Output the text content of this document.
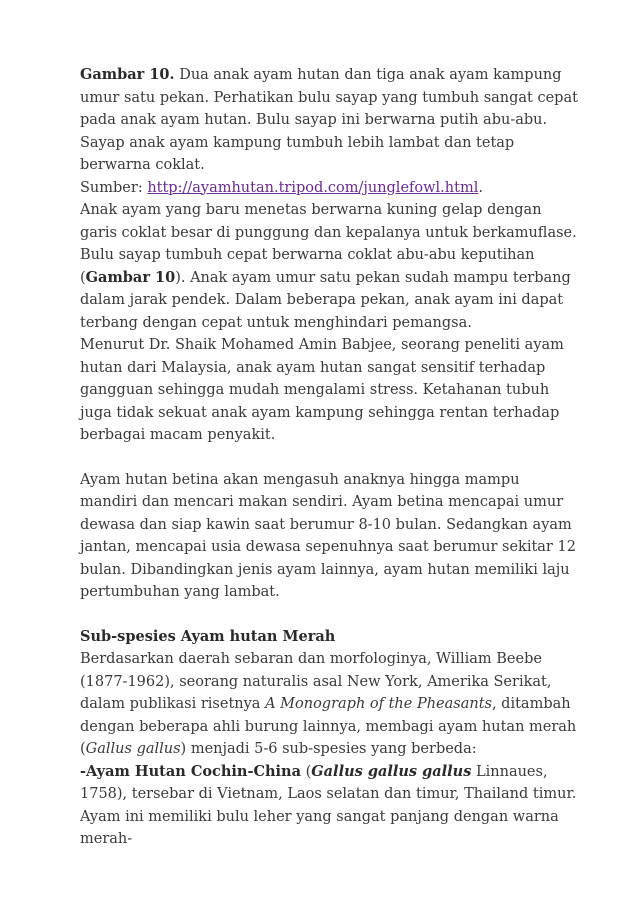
Gambar 10. Dua anak ayam hutan dan tiga anak ayam kampung umur satu pekan. Perhatikan bulu sayap yang tumbuh sangat cepat pada anak ayam hutan. Bulu sayap ini berwarna putih abu-abu. Sayap anak ayam kampung tumbuh lebih lambat dan tetap berwarna coklat.

Sumber: http://ayamhutan.tripod.com/junglefowl.html.

Anak ayam yang baru menetas berwarna kuning gelap dengan garis coklat besar di punggung dan kepalanya untuk berkamuflase. Bulu sayap tumbuh cepat berwarna coklat abu-abu keputihan (Gambar 10). Anak ayam umur satu pekan sudah mampu terbang dalam jarak pendek. Dalam beberapa pekan, anak ayam ini dapat terbang dengan cepat untuk menghindari pemangsa.

Menurut Dr. Shaik Mohamed Amin Babjee, seorang peneliti ayam hutan dari Malaysia, anak ayam hutan sangat sensitif terhadap gangguan sehingga mudah mengalami stress. Ketahanan tubuh juga tidak sekuat anak ayam kampung sehingga rentan terhadap berbagai macam penyakit.

Ayam hutan betina akan mengasuh anaknya hingga mampu mandiri dan mencari makan sendiri. Ayam betina mencapai umur dewasa dan siap kawin saat berumur 8-10 bulan. Sedangkan ayam jantan, mencapai usia dewasa sepenuhnya saat berumur sekitar 12 bulan. Dibandingkan jenis ayam lainnya, ayam hutan memiliki laju pertumbuhan yang lambat.

Sub-spesies Ayam hutan Merah

Berdasarkan daerah sebaran dan morfologinya, William Beebe (1877-1962), seorang naturalis asal New York, Amerika Serikat, dalam publikasi risetnya A Monograph of the Pheasants, ditambah dengan beberapa ahli burung lainnya, membagi ayam hutan merah (Gallus gallus) menjadi 5-6 sub-spesies yang berbeda:

-Ayam Hutan Cochin-China (Gallus gallus gallus Linnaues, 1758), tersebar di Vietnam, Laos selatan dan timur, Thailand timur. Ayam ini memiliki bulu leher yang sangat panjang dengan warna merah-
